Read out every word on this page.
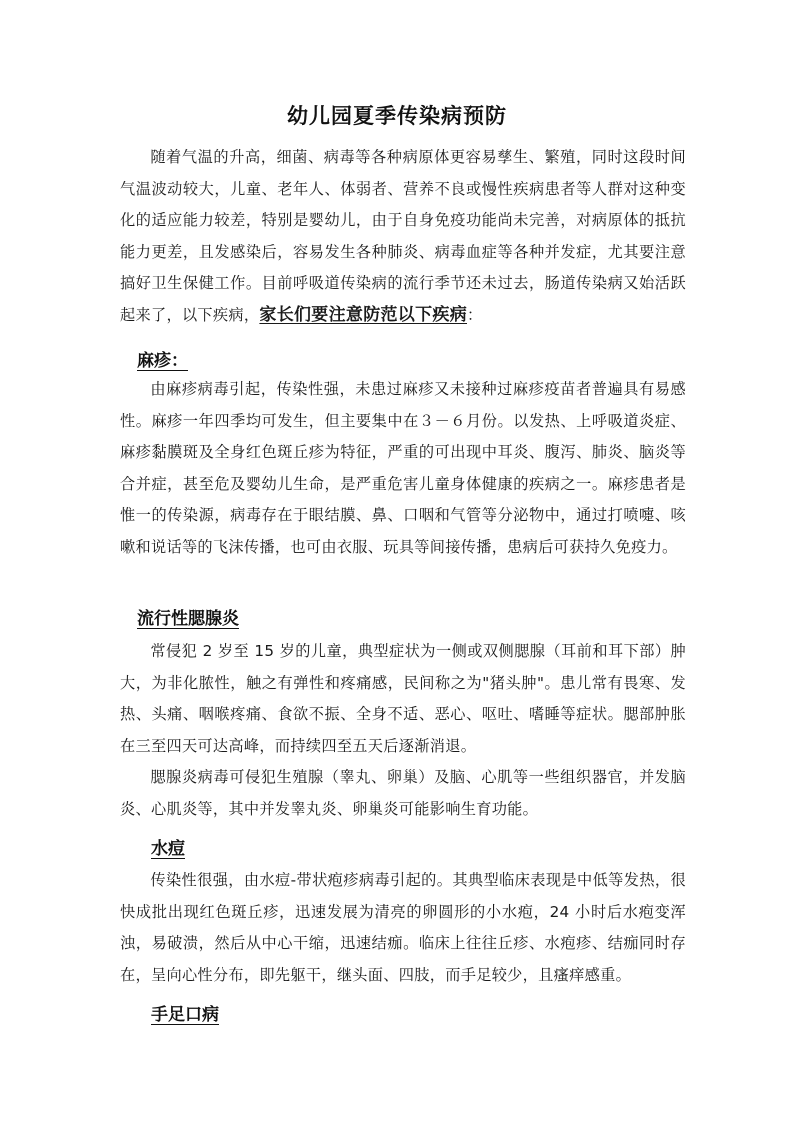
幼儿园夏季传染病预防
随着气温的升高，细菌、病毒等各种病原体更容易孳生、繁殖，同时这段时间气温波动较大，儿童、老年人、体弱者、营养不良或慢性疾病患者等人群对这种变化的适应能力较差，特别是婴幼儿，由于自身免疫功能尚未完善，对病原体的抵抗能力更差，且发感染后，容易发生各种肺炎、病毒血症等各种并发症，尤其要注意搞好卫生保健工作。目前呼吸道传染病的流行季节还未过去，肠道传染病又始活跃起来了，以下疾病，家长们要注意防范以下疾病：
麻疹：
由麻疹病毒引起，传染性强，未患过麻疹又未接种过麻疹疫苗者普遍具有易感性。麻疹一年四季均可发生，但主要集中在３－６月份。以发热、上呼吸道炎症、麻疹黏膜斑及全身红色斑丘疹为特征，严重的可出现中耳炎、腹泻、肺炎、脑炎等合并症，甚至危及婴幼儿生命，是严重危害儿童身体健康的疾病之一。麻疹患者是惟一的传染源，病毒存在于眼结膜、鼻、口咽和气管等分泌物中，通过打喷嚏、咳嗽和说话等的飞沫传播，也可由衣服、玩具等间接传播，患病后可获持久免疫力。
流行性腮腺炎
常侵犯 2 岁至 15 岁的儿童，典型症状为一侧或双侧腮腺（耳前和耳下部）肿大，为非化脓性，触之有弹性和疼痛感，民间称之为"猪头肿"。患儿常有畏寒、发热、头痛、咽喉疼痛、食欲不振、全身不适、恶心、呕吐、嗜睡等症状。腮部肿胀在三至四天可达高峰，而持续四至五天后逐渐消退。
腮腺炎病毒可侵犯生殖腺（睾丸、卵巢）及脑、心肌等一些组织器官，并发脑炎、心肌炎等，其中并发睾丸炎、卵巢炎可能影响生育功能。
水痘
传染性很强，由水痘-带状疱疹病毒引起的。其典型临床表现是中低等发热，很快成批出现红色斑丘疹，迅速发展为清亮的卵圆形的小水疱，24 小时后水疱变浑浊，易破溃，然后从中心干缩，迅速结痂。临床上往往丘疹、水疱疹、结痂同时存在，呈向心性分布，即先躯干，继头面、四肢，而手足较少，且瘙痒感重。
手足口病
